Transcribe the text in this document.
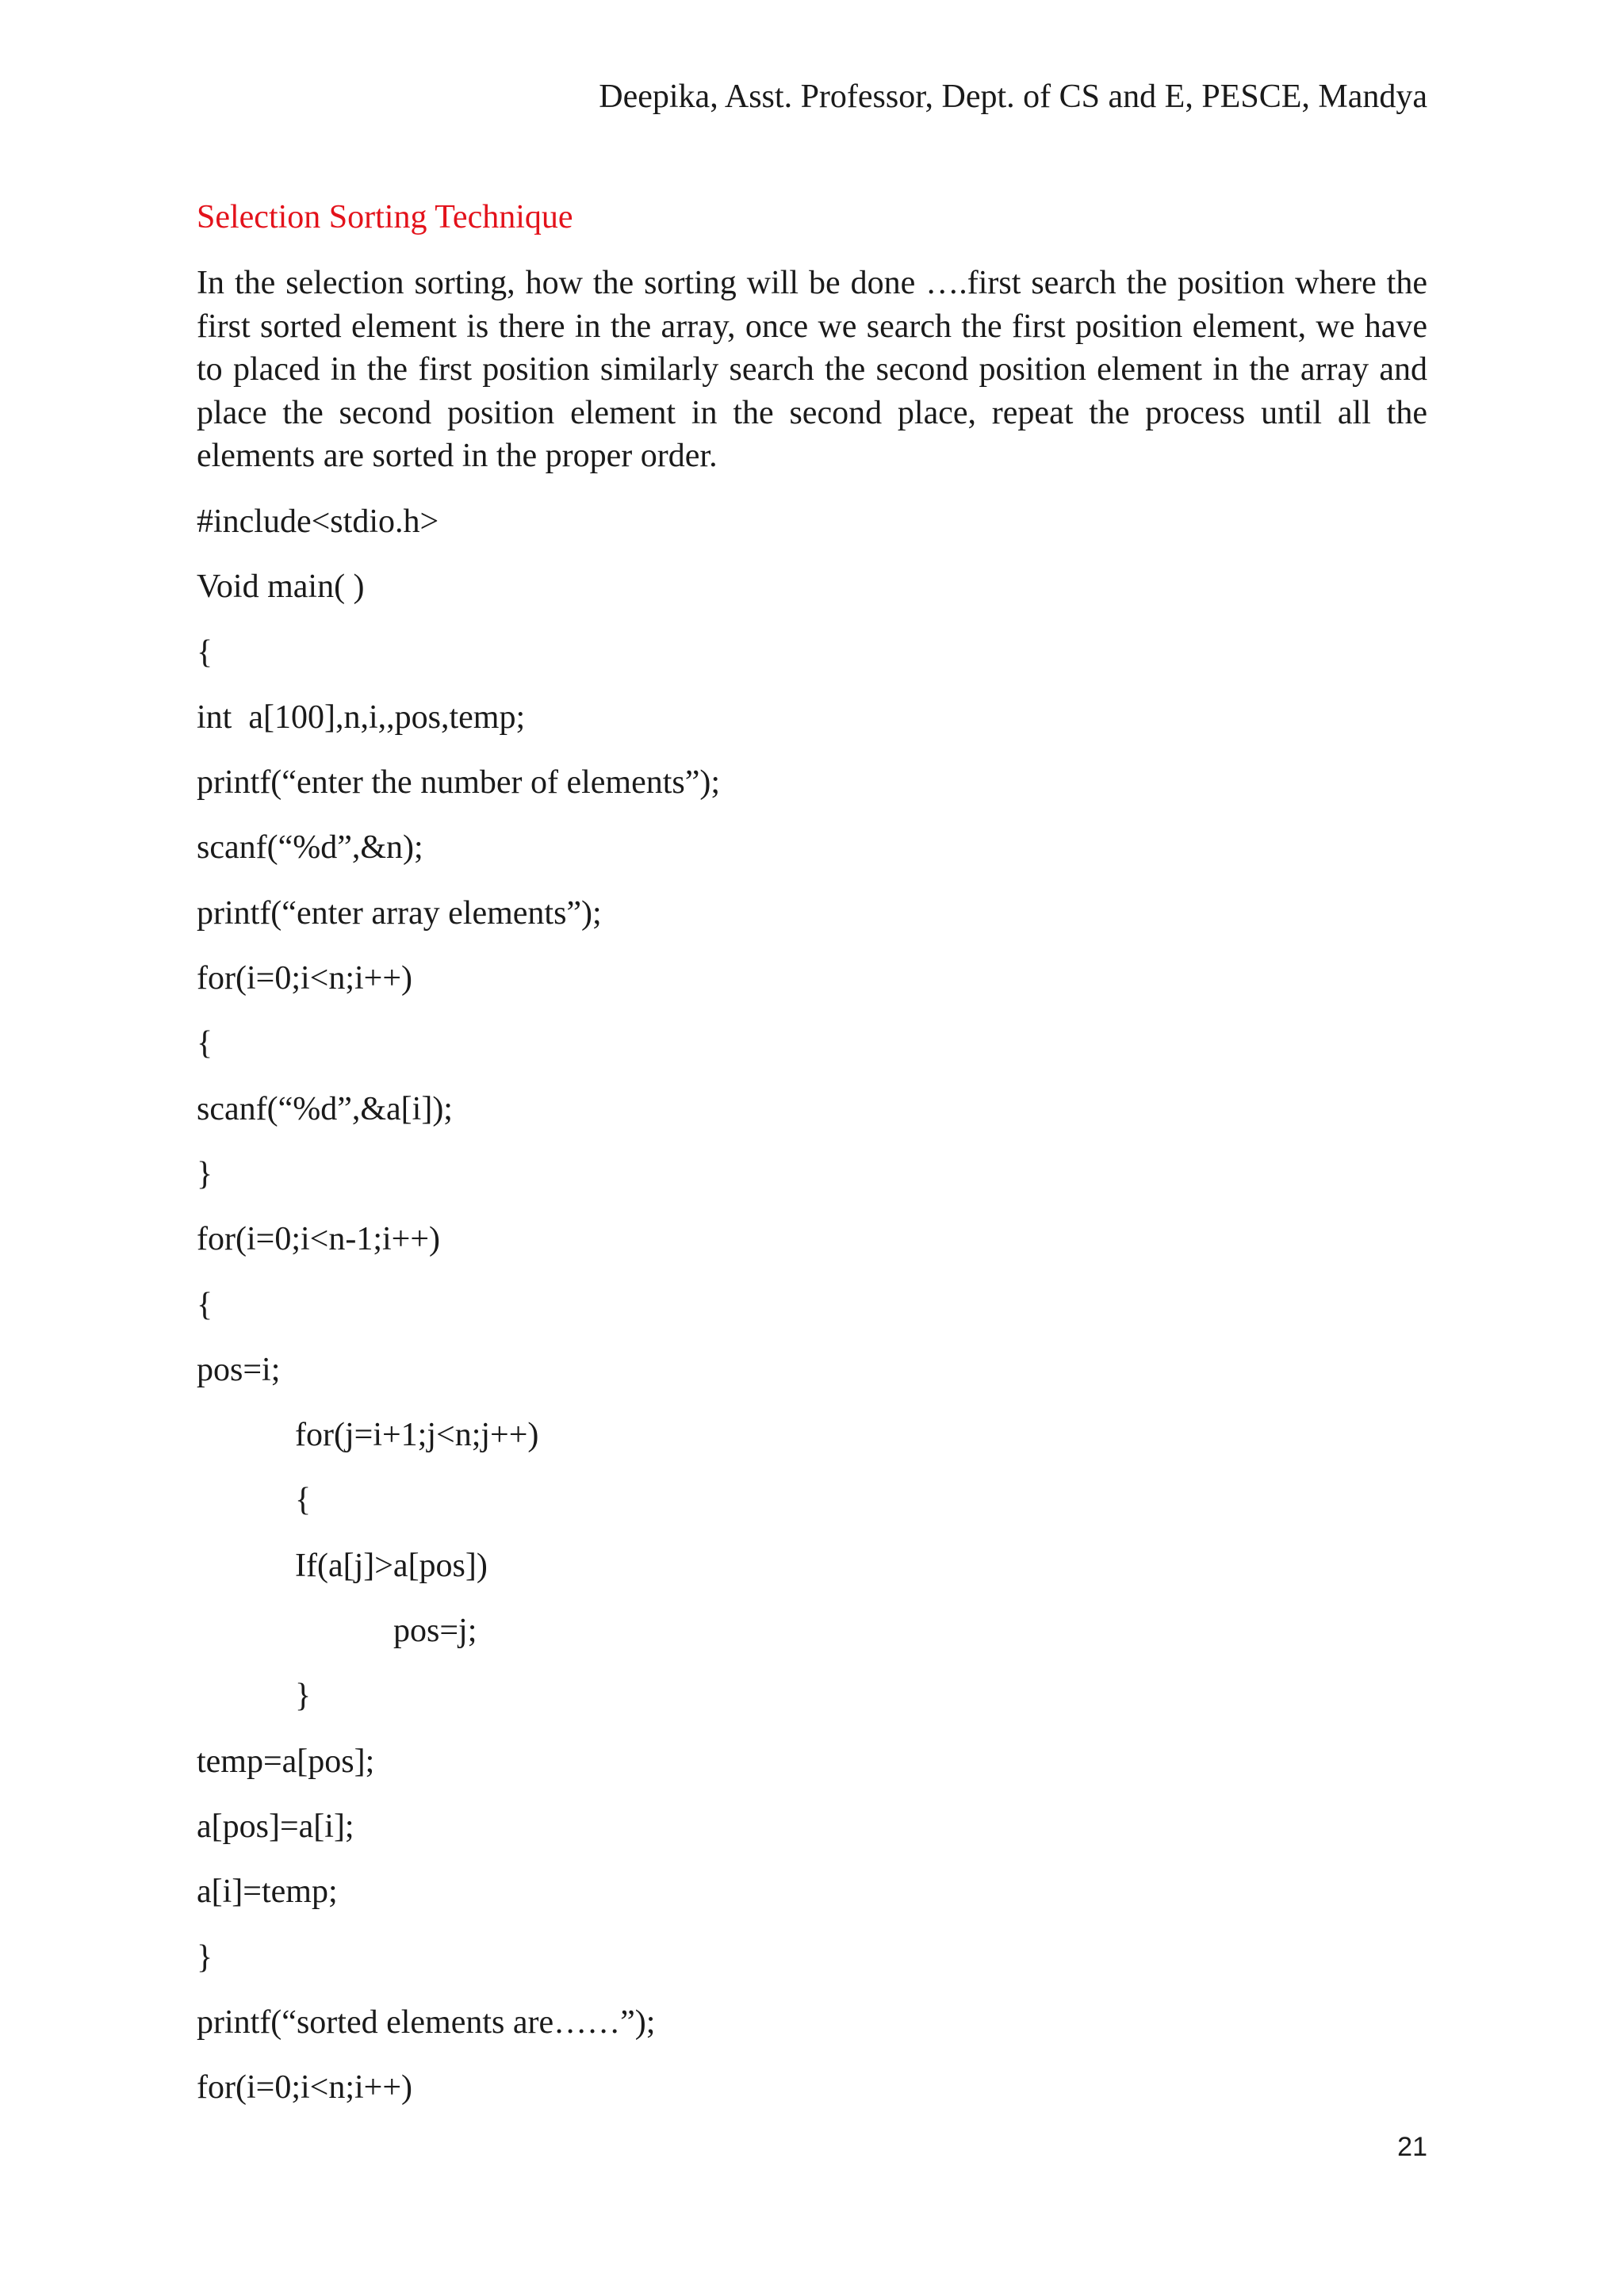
Deepika, Asst. Professor, Dept. of CS and E, PESCE, Mandya
Selection Sorting Technique

In the selection sorting, how the sorting will be done ….first search the position where the first sorted element is there in the array, once we search the first position element, we have to placed in the first position similarly search the second position element in the array and place the second position element in the second place, repeat the process until all the elements are sorted in the proper order.

#include<stdio.h>
Void main( )
{
int  a[100],n,i,,pos,temp;
printf(“enter the number of elements”);
scanf(“%d”,&n);
printf(“enter array elements”);
for(i=0;i<n;i++)
{
scanf(“%d”,&a[i]);
}
for(i=0;i<n-1;i++)
{
pos=i;
for(j=i+1;j<n;j++)
{
If(a[j]>a[pos])
pos=j;
}
temp=a[pos];
a[pos]=a[i];
a[i]=temp;
}
printf(“sorted elements are……”);
for(i=0;i<n;i++)
21
